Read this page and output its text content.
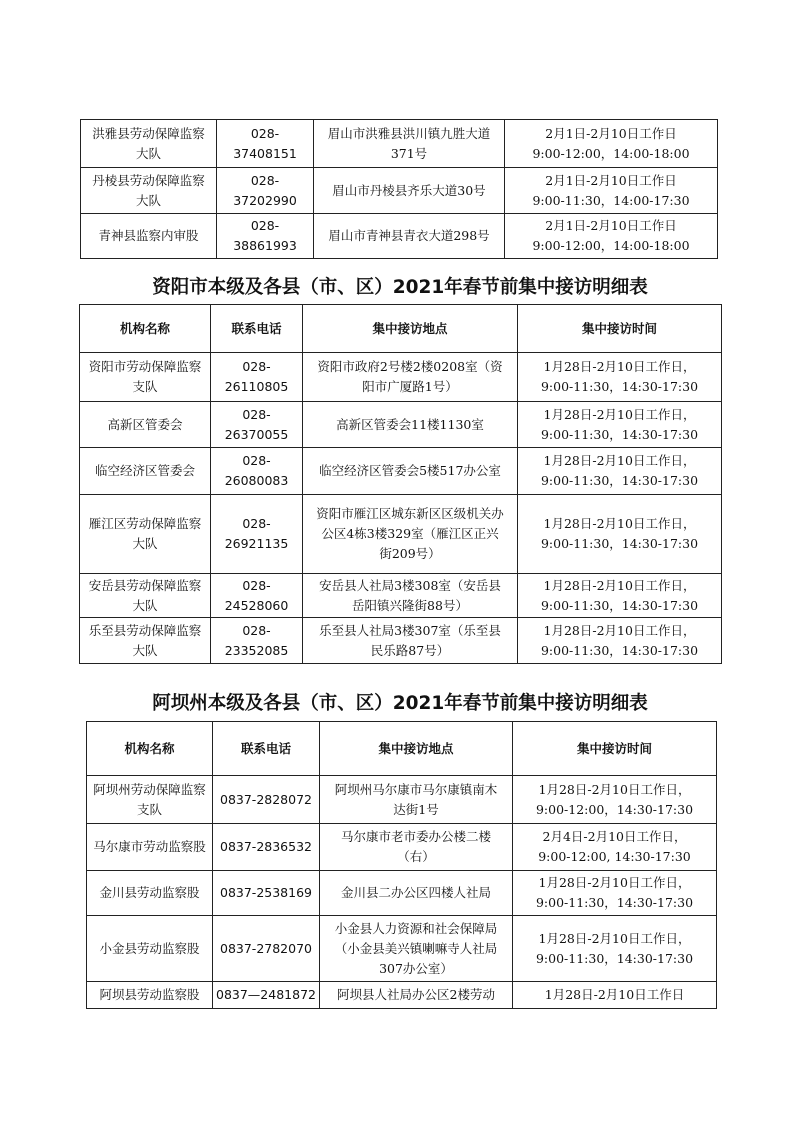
洪雅县劳动保障监察
大队	028-37408151	眉山市洪雅县洪川镇九胜大道
371号	2月1日-2月10日工作日
9:00-12:00，14:00-18:00

丹棱县劳动保障监察
大队	028-37202990	眉山市丹棱县齐乐大道30号	2月1日-2月10日工作日
9:00-11:30，14:00-17:30

青神县监察内审股	028-38861993	眉山市青神县青衣大道298号	2月1日-2月10日工作日
9:00-12:00，14:00-18:00
资阳市本级及各县（市、区）2021年春节前集中接访明细表
机构名称	联系电话	集中接访地点	集中接访时间

资阳市劳动保障监察
支队	028-26110805	资阳市政府2号楼2楼0208室（资
阳市广厦路1号）	1月28日-2月10日工作日，
9:00-11:30，14:30-17:30

高新区管委会	028-26370055	高新区管委会11楼1130室	1月28日-2月10日工作日，
9:00-11:30，14:30-17:30

临空经济区管委会	028-26080083	临空经济区管委会5楼517办公室	1月28日-2月10日工作日，
9:00-11:30，14:30-17:30

雁江区劳动保障监察
大队	028-26921135	资阳市雁江区城东新区区级机关办
公区4栋3楼329室（雁江区正兴
街209号）	1月28日-2月10日工作日，
9:00-11:30，14:30-17:30

安岳县劳动保障监察
大队	028-24528060	安岳县人社局3楼308室（安岳县
岳阳镇兴隆街88号）	1月28日-2月10日工作日，
9:00-11:30，14:30-17:30

乐至县劳动保障监察
大队	028-23352085	乐至县人社局3楼307室（乐至县
民乐路87号）	1月28日-2月10日工作日，
9:00-11:30，14:30-17:30
阿坝州本级及各县（市、区）2021年春节前集中接访明细表
机构名称	联系电话	集中接访地点	集中接访时间

阿坝州劳动保障监察
支队	0837-2828072	阿坝州马尔康市马尔康镇南木
达街1号	1月28日-2月10日工作日，
9:00-12:00，14:30-17:30

马尔康市劳动监察股	0837-2836532	马尔康市老市委办公楼二楼
（右）	2月4日-2月10日工作日，
9:00-12:00, 14:30-17:30

金川县劳动监察股	0837-2538169	金川县二办公区四楼人社局	1月28日-2月10日工作日，
9:00-11:30，14:30-17:30

小金县劳动监察股	0837-2782070	小金县人力资源和社会保障局
（小金县美兴镇喇嘛寺人社局
307办公室）	1月28日-2月10日工作日，
9:00-11:30，14:30-17:30

阿坝县劳动监察股	0837—2481872	阿坝县人社局办公区2楼劳动	1月28日-2月10日工作日
